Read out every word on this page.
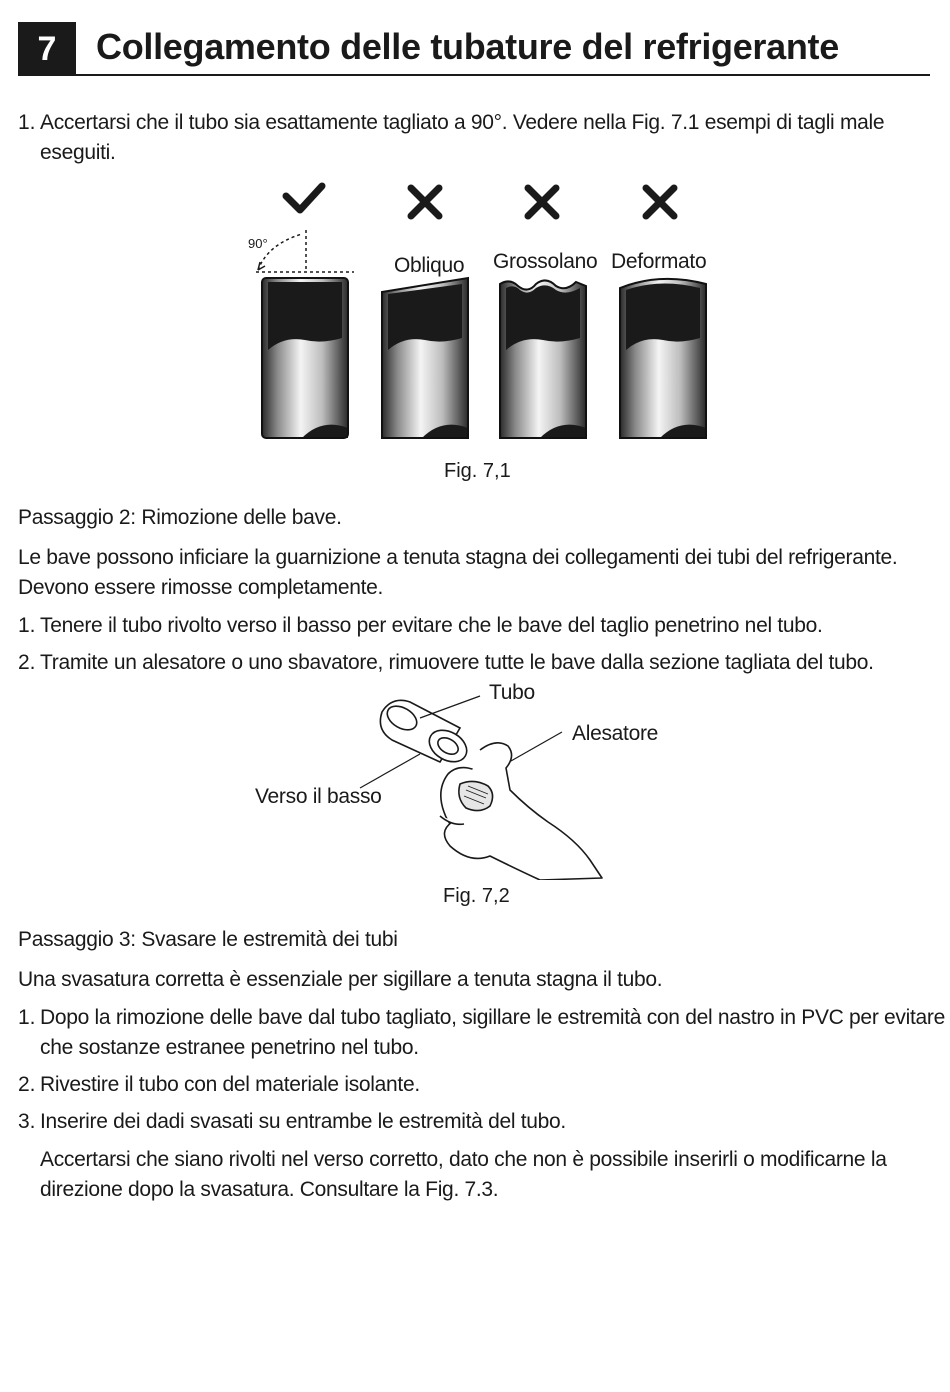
7	Collegamento delle tubature del refrigerante
1. Accertarsi che il tubo sia esattamente tagliato a 90°. Vedere nella Fig. 7.1 esempi di tagli male
eseguiti.
90°
Obliquo Grossolano Deformato
Fig. 7,1
Passaggio 2: Rimozione delle bave.
Le bave possono inficiare la guarnizione a tenuta stagna dei collegamenti dei tubi del refrigerante.
Devono essere rimosse completamente.
1. Tenere il tubo rivolto verso il basso per evitare che le bave del taglio penetrino nel tubo.
2. Tramite un alesatore o uno sbavatore, rimuovere tutte le bave dalla sezione tagliata del tubo.
Tubo
Alesatore
Verso il basso
Fig. 7,2
Passaggio 3: Svasare le estremità dei tubi
Una svasatura corretta è essenziale per sigillare a tenuta stagna il tubo.
1. Dopo la rimozione delle bave dal tubo tagliato, sigillare le estremità con del nastro in PVC per evitare
che sostanze estranee penetrino nel tubo.
2. Rivestire il tubo con del materiale isolante.
3. Inserire dei dadi svasati su entrambe le estremità del tubo.
Accertarsi che siano rivolti nel verso corretto, dato che non è possibile inserirli o modificarne la
direzione dopo la svasatura. Consultare la Fig. 7.3.
